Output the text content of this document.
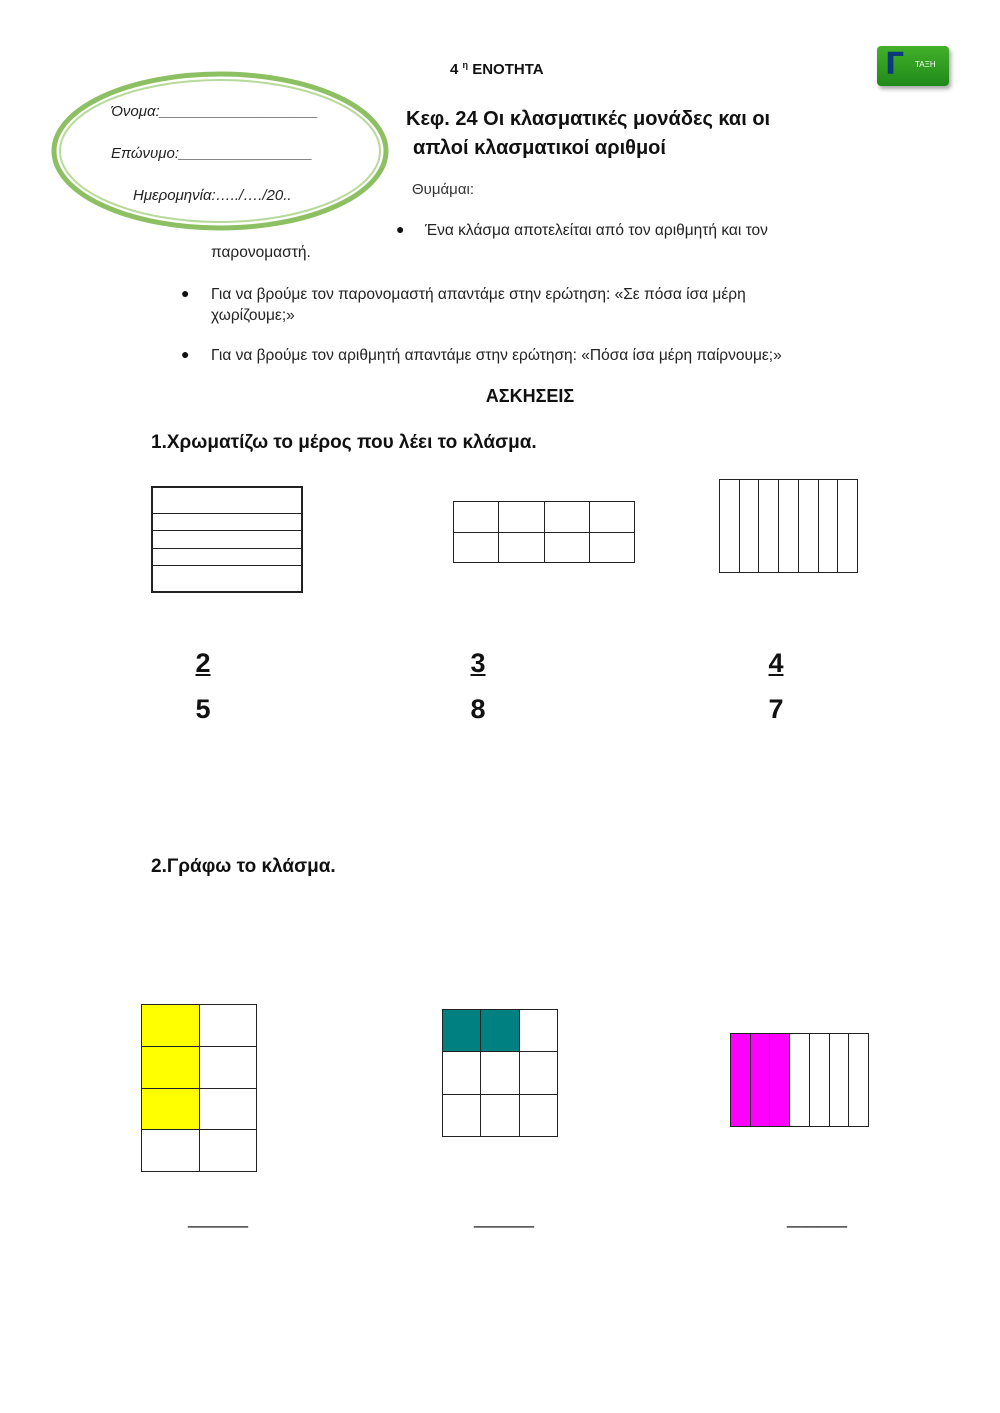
4 $^\eta$ ΕΝΟΤΗΤΑ	Γ ΤΑΞΗ
Όνομα:___________________
Επώνυμο:________________
Ημερομηνία:…../…./20..
Κεφ. 24 Οι κλασματικές μονάδες και οι
απλοί κλασματικοί αριθμοί
Θυμάμαι:
● Ένα κλάσμα αποτελείται από τον αριθμητή και τον
παρονομαστή.
● Για να βρούμε τον παρονομαστή απαντάμε στην ερώτηση: «Σε πόσα ίσα μέρη
χωρίζουμε;»
● Για να βρούμε τον αριθμητή απαντάμε στην ερώτηση: «Πόσα ίσα μέρη παίρνουμε;»
ΑΣΚΗΣΕΙΣ
1.Χρωματίζω το μέρος που λέει το κλάσμα.

$\frac{2}{5}$	$\frac{3}{8}$	$\frac{4}{7}$
2.Γράφω το κλάσμα.

______	______	______
